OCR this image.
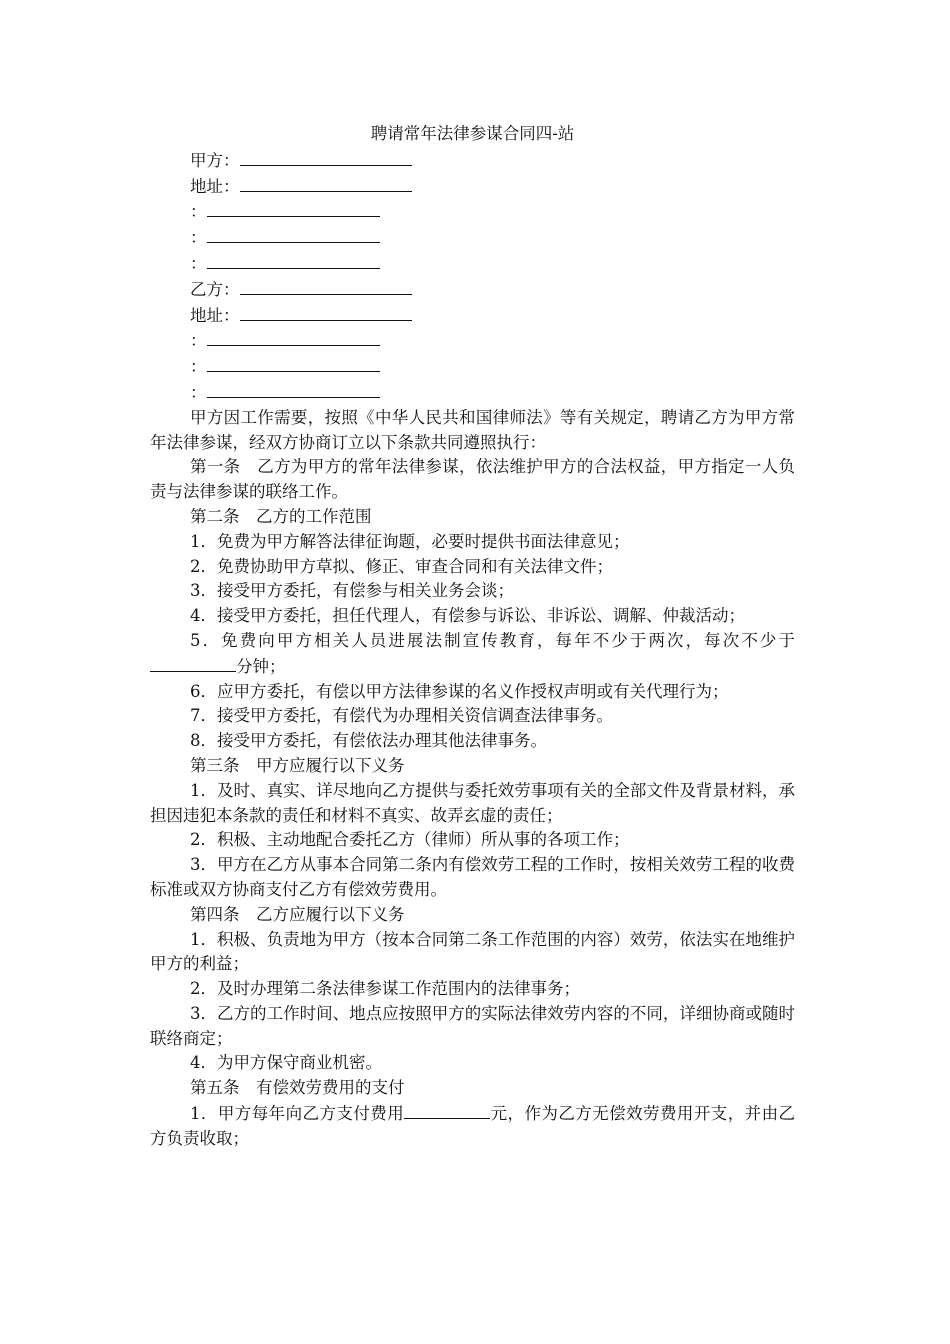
聘请常年法律参谋合同四-站
甲方：
地址：
：
：
：
乙方：
地址：
：
：
：

甲方因工作需要，按照《中华人民共和国律师法》等有关规定，聘请乙方为甲方常年法律参谋，经双方协商订立以下条款共同遵照执行：

第一条　乙方为甲方的常年法律参谋，依法维护甲方的合法权益，甲方指定一人负责与法律参谋的联络工作。

第二条　乙方的工作范围

1．免费为甲方解答法律征询题，必要时提供书面法律意见；

2．免费协助甲方草拟、修正、审查合同和有关法律文件；

3．接受甲方委托，有偿参与相关业务会谈；

4．接受甲方委托，担任代理人，有偿参与诉讼、非诉讼、调解、仲裁活动；

5．免费向甲方相关人员进展法制宣传教育，每年不少于两次，每次不少于分钟；

6．应甲方委托，有偿以甲方法律参谋的名义作授权声明或有关代理行为；

7．接受甲方委托，有偿代为办理相关资信调查法律事务。

8．接受甲方委托，有偿依法办理其他法律事务。

第三条　甲方应履行以下义务

1．及时、真实、详尽地向乙方提供与委托效劳事项有关的全部文件及背景材料，承担因违犯本条款的责任和材料不真实、故弄玄虚的责任；

2．积极、主动地配合委托乙方（律师）所从事的各项工作；

3．甲方在乙方从事本合同第二条内有偿效劳工程的工作时，按相关效劳工程的收费标准或双方协商支付乙方有偿效劳费用。

第四条　乙方应履行以下义务

1．积极、负责地为甲方（按本合同第二条工作范围的内容）效劳，依法实在地维护甲方的利益；

2．及时办理第二条法律参谋工作范围内的法律事务；

3．乙方的工作时间、地点应按照甲方的实际法律效劳内容的不同，详细协商或随时联络商定；

4．为甲方保守商业机密。

第五条　有偿效劳费用的支付

1．甲方每年向乙方支付费用	元，作为乙方无偿效劳费用开支，并由乙方负责收取；
